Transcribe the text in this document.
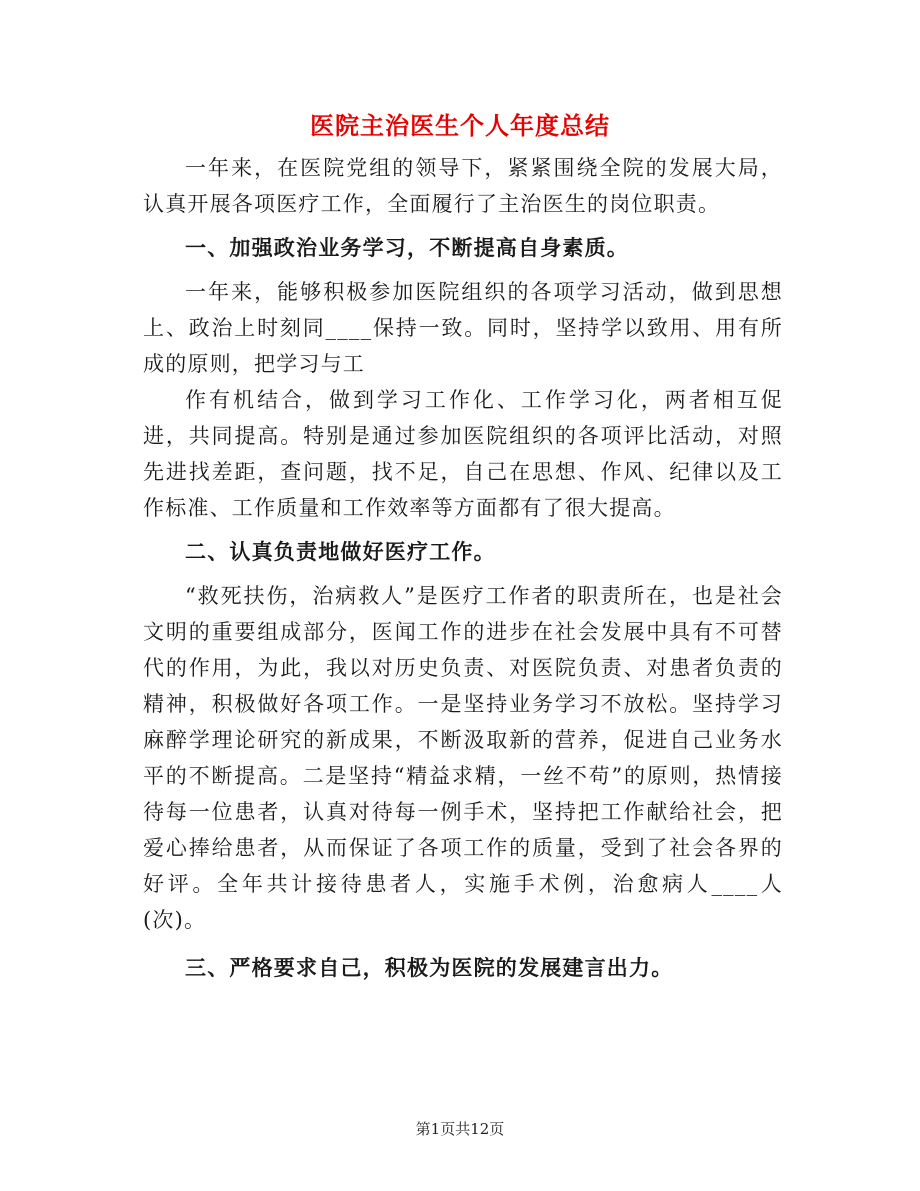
医院主治医生个人年度总结

一年来，在医院党组的领导下，紧紧围绕全院的发展大局，认真开展各项医疗工作，全面履行了主治医生的岗位职责。

一、加强政治业务学习，不断提高自身素质。

一年来，能够积极参加医院组织的各项学习活动，做到思想上、政治上时刻同____保持一致。同时，坚持学以致用、用有所成的原则，把学习与工

作有机结合，做到学习工作化、工作学习化，两者相互促进，共同提高。特别是通过参加医院组织的各项评比活动，对照先进找差距，查问题，找不足，自己在思想、作风、纪律以及工作标准、工作质量和工作效率等方面都有了很大提高。

二、认真负责地做好医疗工作。

“救死扶伤，治病救人”是医疗工作者的职责所在，也是社会文明的重要组成部分，医闻工作的进步在社会发展中具有不可替代的作用，为此，我以对历史负责、对医院负责、对患者负责的精神，积极做好各项工作。一是坚持业务学习不放松。坚持学习麻醉学理论研究的新成果，不断汲取新的营养，促进自己业务水平的不断提高。二是坚持“精益求精，一丝不苟”的原则，热情接待每一位患者，认真对待每一例手术，坚持把工作献给社会，把爱心捧给患者，从而保证了各项工作的质量，受到了社会各界的好评。全年共计接待患者人，实施手术例，治愈病人____人(次)。

三、严格要求自己，积极为医院的发展建言出力。

第1页共12页
